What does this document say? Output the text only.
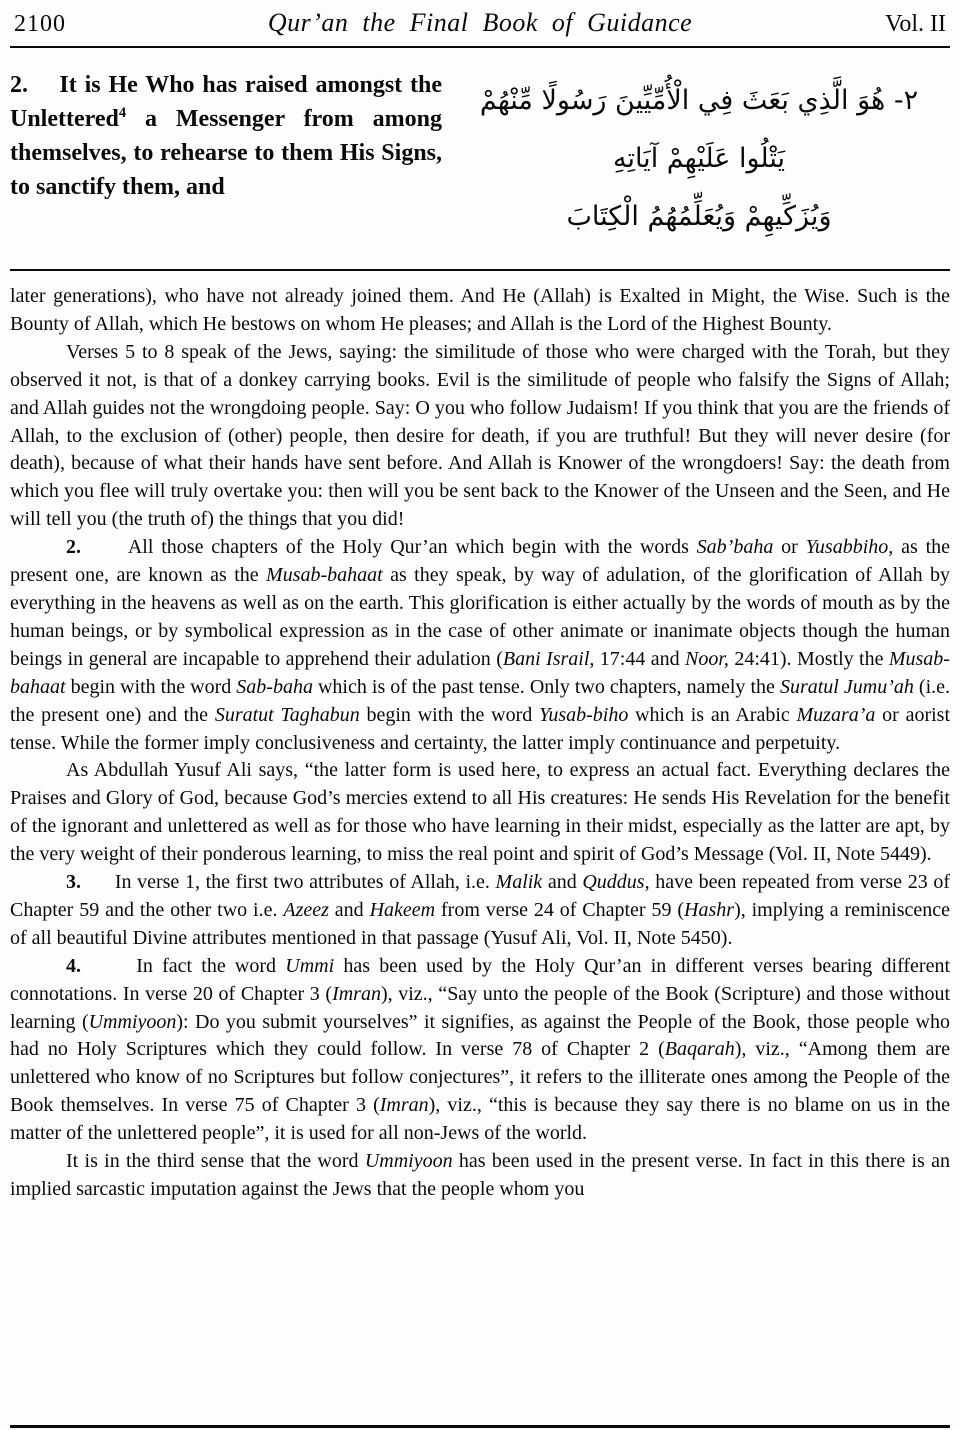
2100	Qur’an the Final Book of Guidance	Vol. II
2.    It is He Who has raised amongst the Unlettered$^4$ a Messenger from among themselves, to rehearse to them His Signs, to sanctify them, and
٢- هُوَ الَّذِي بَعَثَ فِي الْأُمِّيِّينَ رَسُولًا مِّنْهُمْ
يَتْلُوا عَلَيْهِمْ آيَاتِهِ
وَيُزَكِّيهِمْ وَيُعَلِّمُهُمُ الْكِتَابَ

later generations), who have not already joined them. And He (Allah) is Exalted in Might, the Wise. Such is the Bounty of Allah, which He bestows on whom He pleases; and Allah is the Lord of the Highest Bounty.

Verses 5 to 8 speak of the Jews, saying: the similitude of those who were charged with the Torah, but they observed it not, is that of a donkey carrying books. Evil is the similitude of people who falsify the Signs of Allah; and Allah guides not the wrongdoing people. Say: O you who follow Judaism! If you think that you are the friends of Allah, to the exclusion of (other) people, then desire for death, if you are truthful! But they will never desire (for death), because of what their hands have sent before. And Allah is Knower of the wrongdoers! Say: the death from which you flee will truly overtake you: then will you be sent back to the Knower of the Unseen and the Seen, and He will tell you (the truth of) the things that you did!

2.      All those chapters of the Holy Qur’an which begin with the words Sab’baha or Yusabbiho, as the present one, are known as the Musab-bahaat as they speak, by way of adulation, of the glorification of Allah by everything in the heavens as well as on the earth. This glorification is either actually by the words of mouth as by the human beings, or by symbolical expression as in the case of other animate or inanimate objects though the human beings in general are incapable to apprehend their adulation (Bani Israil, 17:44 and Noor, 24:41). Mostly the Musab-bahaat begin with the word Sab-baha which is of the past tense. Only two chapters, namely the Suratul Jumu’ah (i.e. the present one) and the Suratut Taghabun begin with the word Yusab-biho which is an Arabic Muzara’a or aorist tense. While the former imply conclusiveness and certainty, the latter imply continuance and perpetuity.

As Abdullah Yusuf Ali says, “the latter form is used here, to express an actual fact. Everything declares the Praises and Glory of God, because God’s mercies extend to all His creatures: He sends His Revelation for the benefit of the ignorant and unlettered as well as for those who have learning in their midst, especially as the latter are apt, by the very weight of their ponderous learning, to miss the real point and spirit of God’s Message (Vol. II, Note 5449).

3.      In verse 1, the first two attributes of Allah, i.e. Malik and Quddus, have been repeated from verse 23 of Chapter 59 and the other two i.e. Azeez and Hakeem from verse 24 of Chapter 59 (Hashr), implying a reminiscence of all beautiful Divine attributes mentioned in that passage (Yusuf Ali, Vol. II, Note 5450).

4.      In fact the word Ummi has been used by the Holy Qur’an in different verses bearing different connotations. In verse 20 of Chapter 3 (Imran), viz., “Say unto the people of the Book (Scripture) and those without learning (Ummiyoon): Do you submit yourselves” it signifies, as against the People of the Book, those people who had no Holy Scriptures which they could follow. In verse 78 of Chapter 2 (Baqarah), viz., “Among them are unlettered who know of no Scriptures but follow conjectures”, it refers to the illiterate ones among the People of the Book themselves. In verse 75 of Chapter 3 (Imran), viz., “this is because they say there is no blame on us in the matter of the unlettered people”, it is used for all non-Jews of the world.

It is in the third sense that the word Ummiyoon has been used in the present verse. In fact in this there is an implied sarcastic imputation against the Jews that the people whom you
